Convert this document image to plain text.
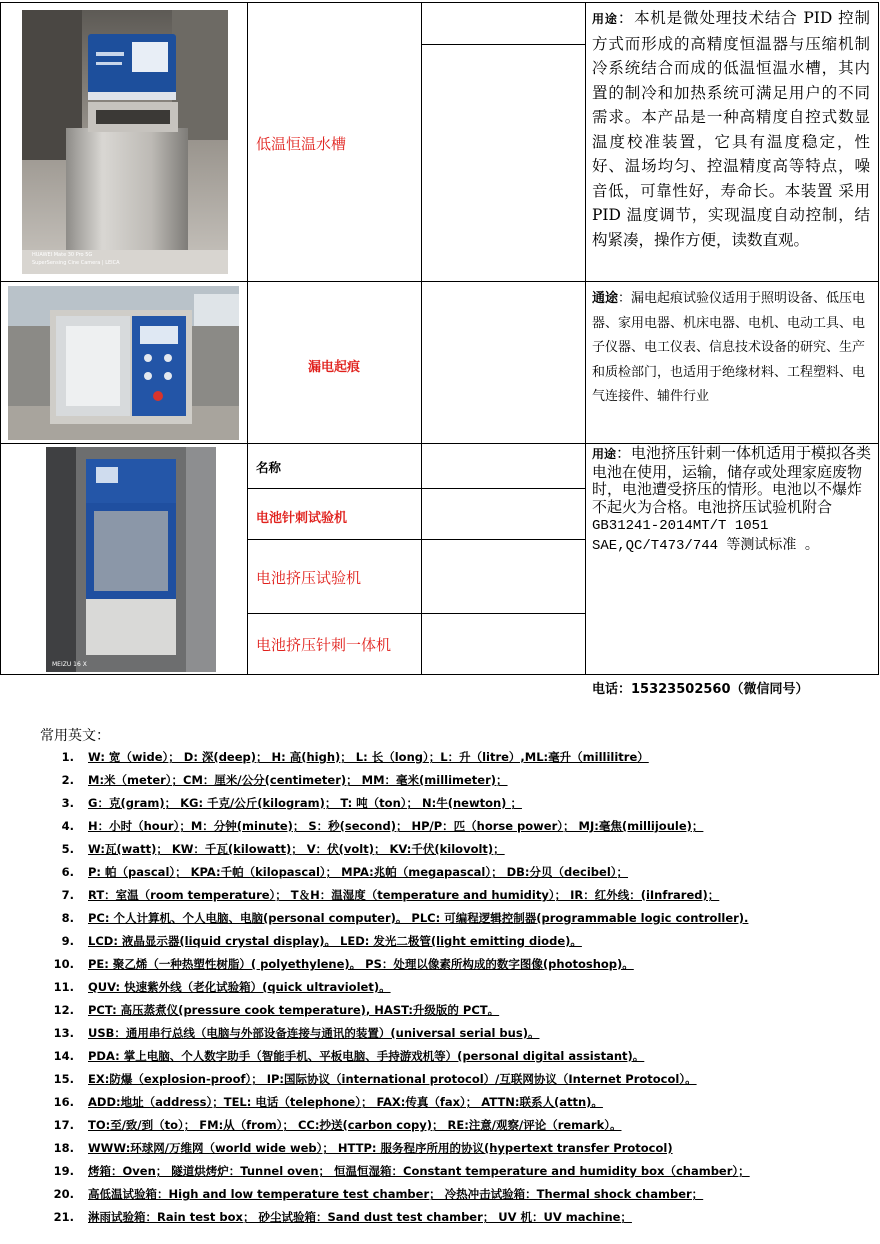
HUAWEI Mate 30 Pro 5G
SuperSensing Cine Camera | LEICA
低温恒温水槽
用途：本机是微处理技术结合 PID 控制方式而形成的高精度恒温器与压缩机制冷系统结合而成的低温恒温水槽，其内置的制冷和加热系统可满足用户的不同需求。本产品是一种高精度自控式数显温度校准装置，它具有温度稳定，性好、温场均匀、控温精度高等特点，噪音低，可靠性好，寿命长。本装置 采用 PID 温度调节，实现温度自动控制，结构紧凑，操作方便，读数直观。
漏电起痕
通途：漏电起痕试验仪适用于照明设备、低压电器、家用电器、机床电器、电机、电动工具、电子仪器、电工仪表、信息技术设备的研究、生产和质检部门，也适用于绝缘材料、工程塑料、电气连接件、辅件行业
MEIZU 16 X
名称
电池针刺试验机
电池挤压试验机
电池挤压针刺一体机
用途：电池挤压针刺一体机适用于模拟各类电池在使用，运输，储存或处理家庭废物时，电池遭受挤压的情形。电池以不爆炸不起火为合格。电池挤压试验机附合
GB31241-2014MT/T 1051
SAE,QC/T473/744 等测试标准 。
电话：15323502560（微信同号）
常用英文：
1. W: 宽（wide）； D: 深(deep)； H: 高(high)； L: 长（long）；L：升（litre）,ML:毫升（millilitre）
2. M:米（meter）；CM：厘米/公分(centimeter)； MM：毫米(millimeter)；
3. G：克(gram)； KG: 千克/公斤(kilogram)； T: 吨（ton）； N:牛(newton) ；
4. H：小时（hour）；M：分钟(minute)； S：秒(second)； HP/P：匹（horse power）； MJ:毫焦(millijoule)；
5. W:瓦(watt)； KW：千瓦(kilowatt)； V：伏(volt)； KV:千伏(kilovolt)；
6. P: 帕（pascal）； KPA:千帕（kilopascal）； MPA:兆帕（megapascal）； DB:分贝（decibel）；
7. RT：室温（room temperature）； T＆H：温湿度（temperature and humidity）； IR：红外线：(iInfrared)；
8. PC: 个人计算机、个人电脑、电脑(personal computer)。 PLC: 可编程逻辑控制器(programmable logic controller).
9. LCD: 液晶显示器(liquid crystal display)。 LED: 发光二极管(light emitting diode)。
10. PE: 聚乙烯（一种热塑性树脂）( polyethylene)。 PS：处理以像素所构成的数字图像(photoshop)。
11. QUV: 快速紫外线（老化试验箱）(quick ultraviolet)。
12. PCT: 高压蒸煮仪(pressure cook temperature), HAST:升级版的 PCT。
13. USB：通用串行总线（电脑与外部设备连接与通讯的装置）(universal serial bus)。
14. PDA: 掌上电脑、个人数字助手（智能手机、平板电脑、手持游戏机等）(personal digital assistant)。
15. EX:防爆（explosion-proof）； IP:国际协议（international protocol）/互联网协议（Internet Protocol）。
16. ADD:地址（address）；TEL: 电话（telephone）； FAX:传真（fax）； ATTN:联系人(attn)。
17. TO:至/致/到（to）； FM:从（from）； CC:抄送(carbon copy)； RE:注意/观察/评论（remark）。
18. WWW:环球网/万维网（world wide web）； HTTP: 服务程序所用的协议(hypertext transfer Protocol)
19. 烤箱：Oven； 隧道烘烤炉：Tunnel oven； 恒温恒湿箱：Constant temperature and humidity box（chamber）；
20. 高低温试验箱：High and low temperature test chamber； 冷热冲击试验箱：Thermal shock chamber；
21. 淋雨试验箱：Rain test box； 砂尘试验箱：Sand dust test chamber； UV 机：UV machine；
